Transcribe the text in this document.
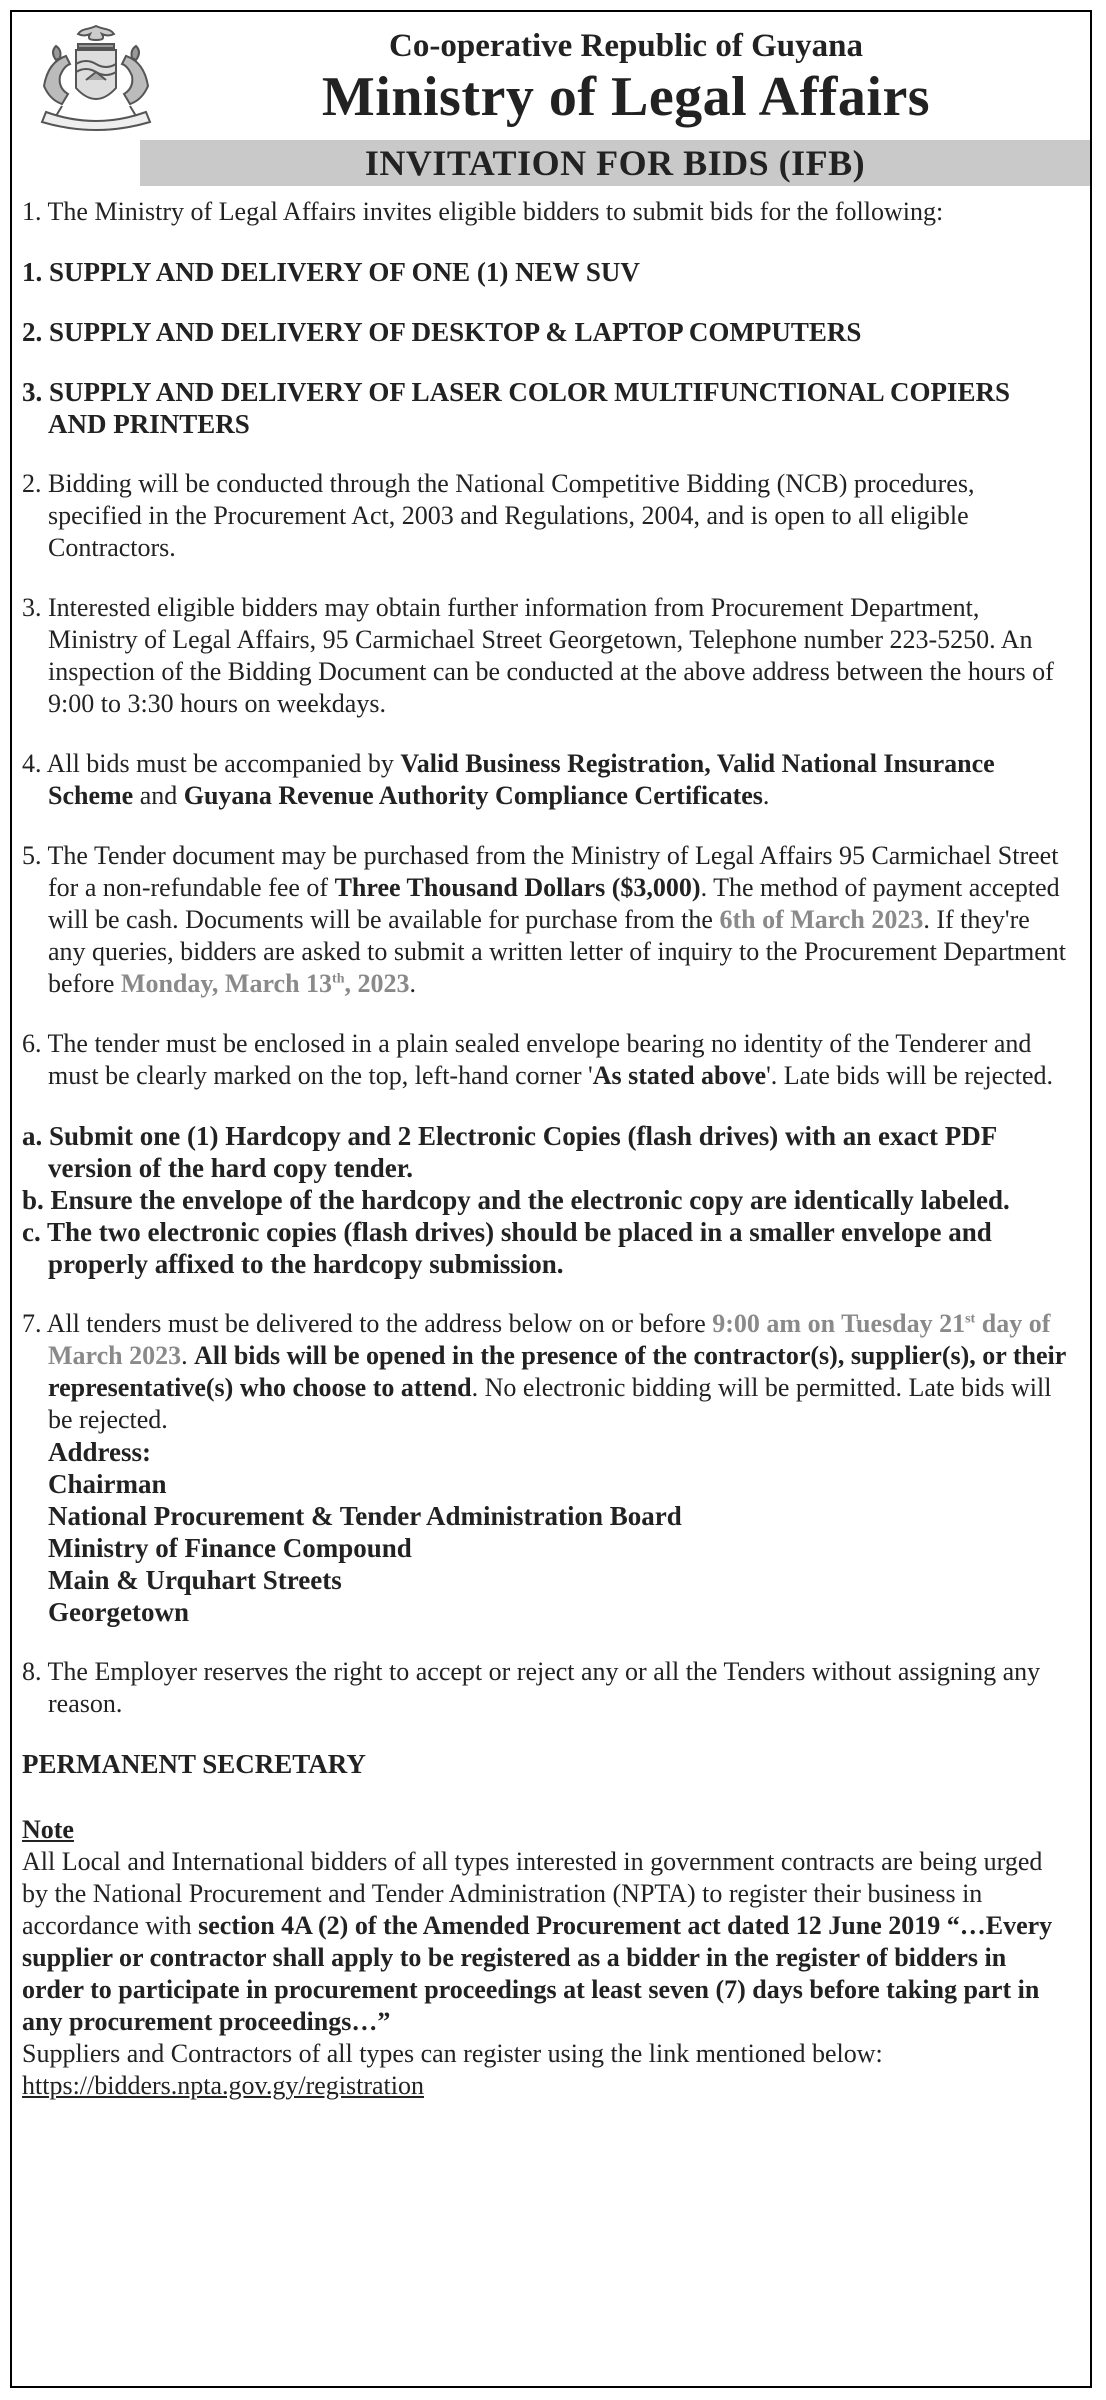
Co-operative Republic of Guyana
Ministry of Legal Affairs
INVITATION FOR BIDS (IFB)

1. The Ministry of Legal Affairs invites eligible bidders to submit bids for the following:

1. SUPPLY AND DELIVERY OF ONE (1) NEW SUV

2. SUPPLY AND DELIVERY OF DESKTOP & LAPTOP COMPUTERS

3. SUPPLY AND DELIVERY OF LASER COLOR MULTIFUNCTIONAL COPIERS AND PRINTERS

2. Bidding will be conducted through the National Competitive Bidding (NCB) procedures, specified in the Procurement Act, 2003 and Regulations, 2004, and is open to all eligible Contractors.

3. Interested eligible bidders may obtain further information from Procurement Department, Ministry of Legal Affairs, 95 Carmichael Street Georgetown, Telephone number 223-5250. An inspection of the Bidding Document can be conducted at the above address between the hours of 9:00 to 3:30 hours on weekdays.

4. All bids must be accompanied by Valid Business Registration, Valid National Insurance Scheme and Guyana Revenue Authority Compliance Certificates.

5. The Tender document may be purchased from the Ministry of Legal Affairs 95 Carmichael Street for a non-refundable fee of Three Thousand Dollars ($3,000). The method of payment accepted will be cash. Documents will be available for purchase from the 6th of March 2023. If they're any queries, bidders are asked to submit a written letter of inquiry to the Procurement Department before Monday, March 13th, 2023.

6. The tender must be enclosed in a plain sealed envelope bearing no identity of the Tenderer and must be clearly marked on the top, left-hand corner 'As stated above'. Late bids will be rejected.

a. Submit one (1) Hardcopy and 2 Electronic Copies (flash drives) with an exact PDF version of the hard copy tender.

b. Ensure the envelope of the hardcopy and the electronic copy are identically labeled.

c. The two electronic copies (flash drives) should be placed in a smaller envelope and properly affixed to the hardcopy submission.

7. All tenders must be delivered to the address below on or before 9:00 am on Tuesday 21st day of March 2023. All bids will be opened in the presence of the contractor(s), supplier(s), or their representative(s) who choose to attend. No electronic bidding will be permitted. Late bids will be rejected.
Address:
Chairman
National Procurement & Tender Administration Board
Ministry of Finance Compound
Main & Urquhart Streets
Georgetown

8. The Employer reserves the right to accept or reject any or all the Tenders without assigning any reason.

PERMANENT SECRETARY

Note
All Local and International bidders of all types interested in government contracts are being urged by the National Procurement and Tender Administration (NPTA) to register their business in accordance with section 4A (2) of the Amended Procurement act dated 12 June 2019 “…Every supplier or contractor shall apply to be registered as a bidder in the register of bidders in order to participate in procurement proceedings at least seven (7) days before taking part in any procurement proceedings…”
Suppliers and Contractors of all types can register using the link mentioned below: https://bidders.npta.gov.gy/registration
